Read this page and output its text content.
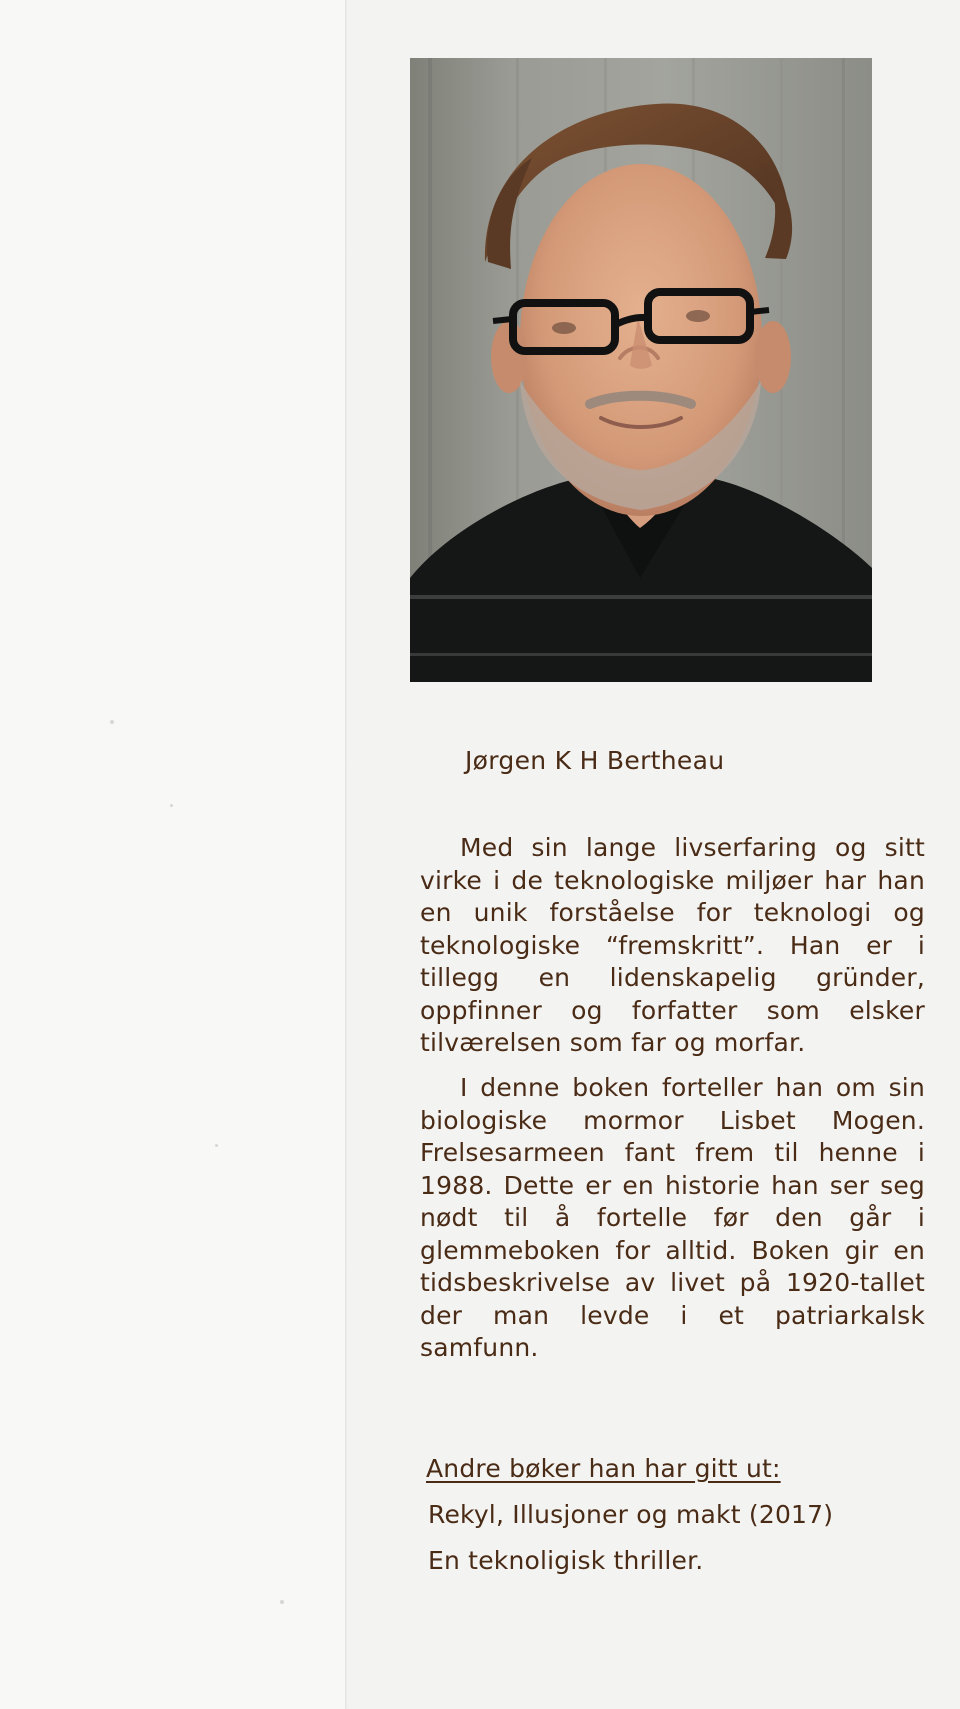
Jørgen K H Bertheau

Med sin lange livserfaring og sitt virke i de teknologiske miljøer har han en unik forståelse for teknologi og teknologiske “fremskritt”. Han er i tillegg en lidenskapelig gründer, oppfinner og forfatter som elsker tilværelsen som far og morfar.

I denne boken forteller han om sin biologiske mormor Lisbet Mogen. Frelsesarmeen fant frem til henne i 1988. Dette er en historie han ser seg nødt til å fortelle før den går i glemmeboken for alltid. Boken gir en tidsbeskrivelse av livet på 1920-tallet der man levde i et patriarkalsk samfunn.

Andre bøker han har gitt ut:

Rekyl, Illusjoner og makt (2017)

En teknoligisk thriller.
